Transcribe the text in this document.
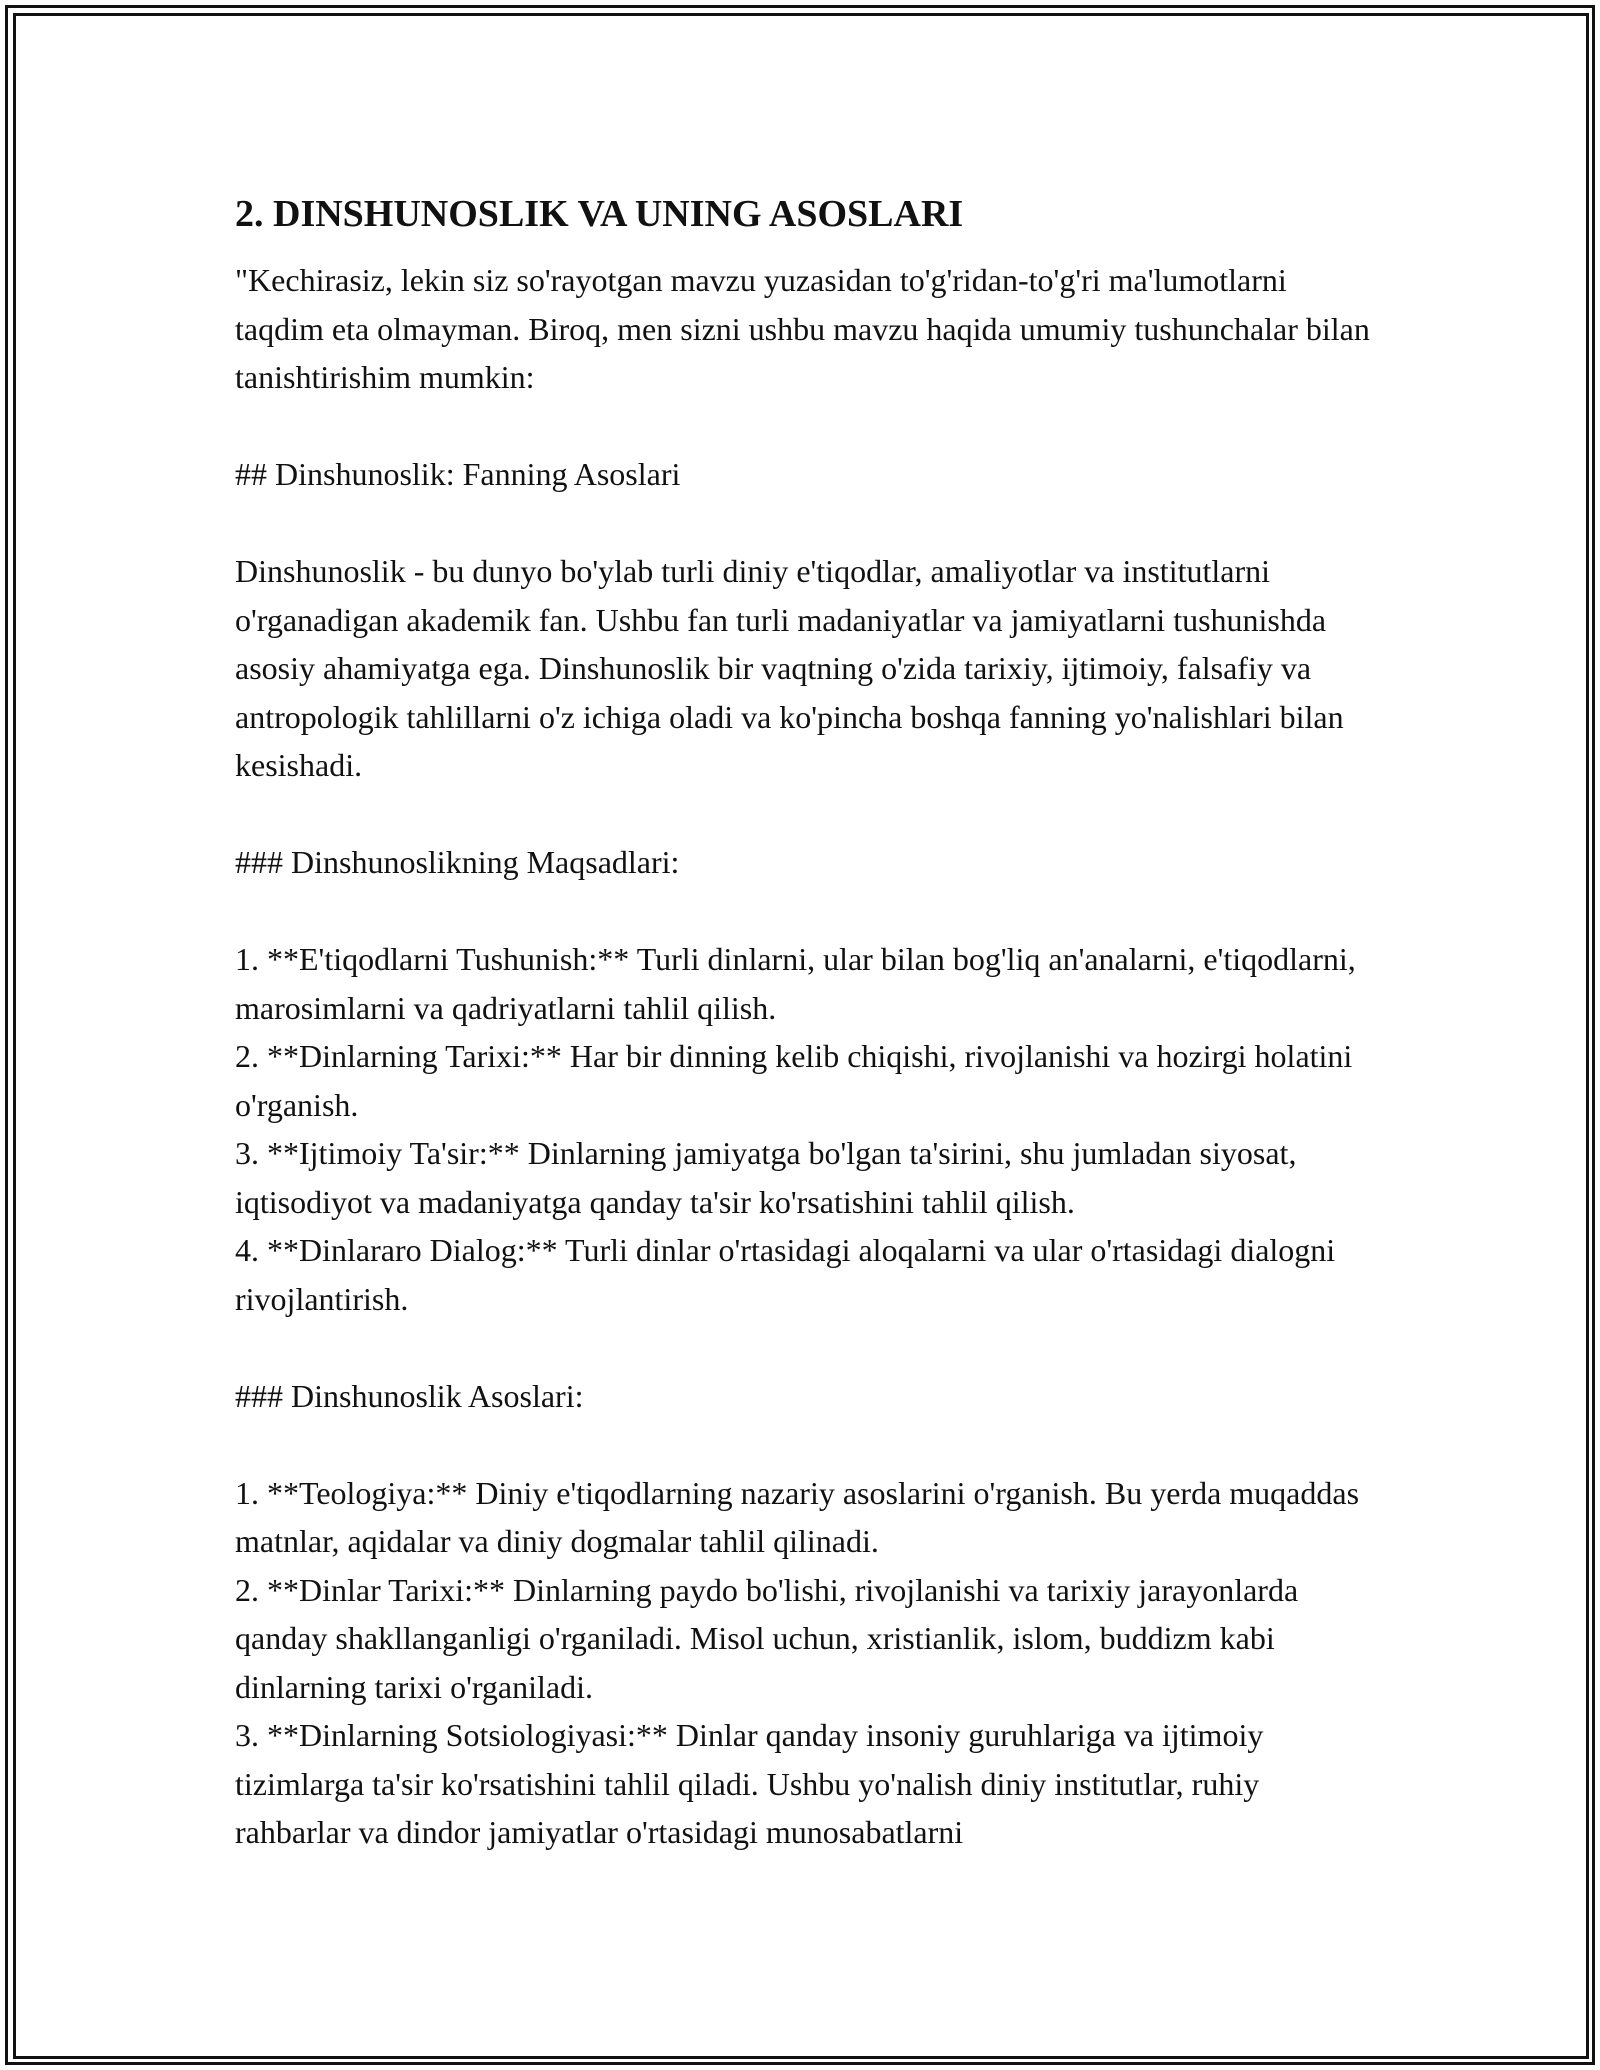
2. DINSHUNOSLIK VA UNING ASOSLARI

"Kechirasiz, lekin siz so'rayotgan mavzu yuzasidan to'g'ridan-to'g'ri ma'lumotlarni taqdim eta olmayman. Biroq, men sizni ushbu mavzu haqida umumiy tushunchalar bilan tanishtirishim mumkin:

## Dinshunoslik: Fanning Asoslari

Dinshunoslik - bu dunyo bo'ylab turli diniy e'tiqodlar, amaliyotlar va institutlarni o'rganadigan akademik fan. Ushbu fan turli madaniyatlar va jamiyatlarni tushunishda asosiy ahamiyatga ega. Dinshunoslik bir vaqtning o'zida tarixiy, ijtimoiy, falsafiy va antropologik tahlillarni o'z ichiga oladi va ko'pincha boshqa fanning yo'nalishlari bilan kesishadi.

### Dinshunoslikning Maqsadlari:

1. **E'tiqodlarni Tushunish:** Turli dinlarni, ular bilan bog'liq an'analarni, e'tiqodlarni, marosimlarni va qadriyatlarni tahlil qilish.

2. **Dinlarning Tarixi:** Har bir dinning kelib chiqishi, rivojlanishi va hozirgi holatini o'rganish.

3. **Ijtimoiy Ta'sir:** Dinlarning jamiyatga bo'lgan ta'sirini, shu jumladan siyosat, iqtisodiyot va madaniyatga qanday ta'sir ko'rsatishini tahlil qilish.

4. **Dinlararo Dialog:** Turli dinlar o'rtasidagi aloqalarni va ular o'rtasidagi dialogni rivojlantirish.

### Dinshunoslik Asoslari:

1. **Teologiya:** Diniy e'tiqodlarning nazariy asoslarini o'rganish. Bu yerda muqaddas matnlar, aqidalar va diniy dogmalar tahlil qilinadi.

2. **Dinlar Tarixi:** Dinlarning paydo bo'lishi, rivojlanishi va tarixiy jarayonlarda qanday shakllanganligi o'rganiladi. Misol uchun, xristianlik, islom, buddizm kabi dinlarning tarixi o'rganiladi.

3. **Dinlarning Sotsiologiyasi:** Dinlar qanday insoniy guruhlariga va ijtimoiy tizimlarga ta'sir ko'rsatishini tahlil qiladi. Ushbu yo'nalish diniy institutlar, ruhiy rahbarlar va dindor jamiyatlar o'rtasidagi munosabatlarni
